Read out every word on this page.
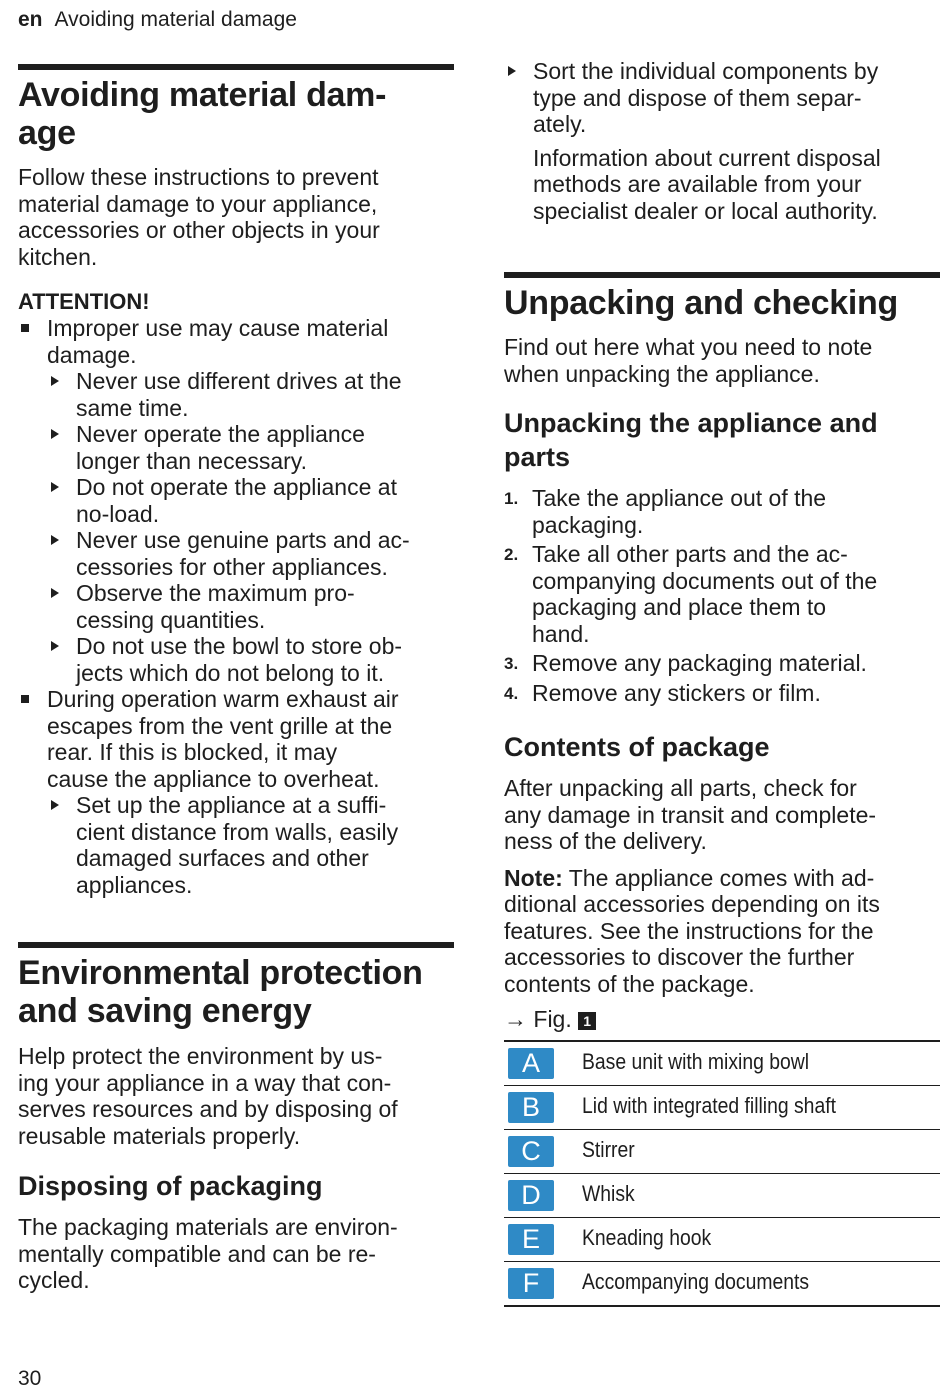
en Avoiding material damage
Avoiding material dam-
age

Follow these instructions to prevent

material damage to your appliance,

accessories or other objects in your

kitchen.

ATTENTION!
Improper use may cause material
damage.
Never use different drives at the
same time.
Never operate the appliance
longer than necessary.
Do not operate the appliance at
no-load.
Never use genuine parts and ac-
cessories for other appliances.
Observe the maximum pro-
cessing quantities.
Do not use the bowl to store ob-
jects which do not belong to it.
During operation warm exhaust air
escapes from the vent grille at the
rear. If this is blocked, it may
cause the appliance to overheat.
Set up the appliance at a suffi-
cient distance from walls, easily
damaged surfaces and other
appliances.
Environmental protection
and saving energy

Help protect the environment by us-

ing your appliance in a way that con-

serves resources and by disposing of

reusable materials properly.

Disposing of packaging

The packaging materials are environ-

mentally compatible and can be re-

cycled.

Sort the individual components by
type and dispose of them separ-
ately.

Information about current disposal

methods are available from your

specialist dealer or local authority.

Unpacking and checking

Find out here what you need to note

when unpacking the appliance.

Unpacking the appliance and
parts
1. Take the appliance out of the
packaging.
2. Take all other parts and the ac-
companying documents out of the
packaging and place them to
hand.
3. Remove any packaging material.
4. Remove any stickers or film.
Contents of package

After unpacking all parts, check for

any damage in transit and complete-

ness of the delivery.

Note: The appliance comes with ad-

ditional accessories depending on its

features. See the instructions for the

accessories to discover the further

contents of the package.

→ Fig. 1
A	Base unit with mixing bowl
B	Lid with integrated filling shaft
C	Stirrer
D	Whisk
E	Kneading hook
F	Accompanying documents
30
